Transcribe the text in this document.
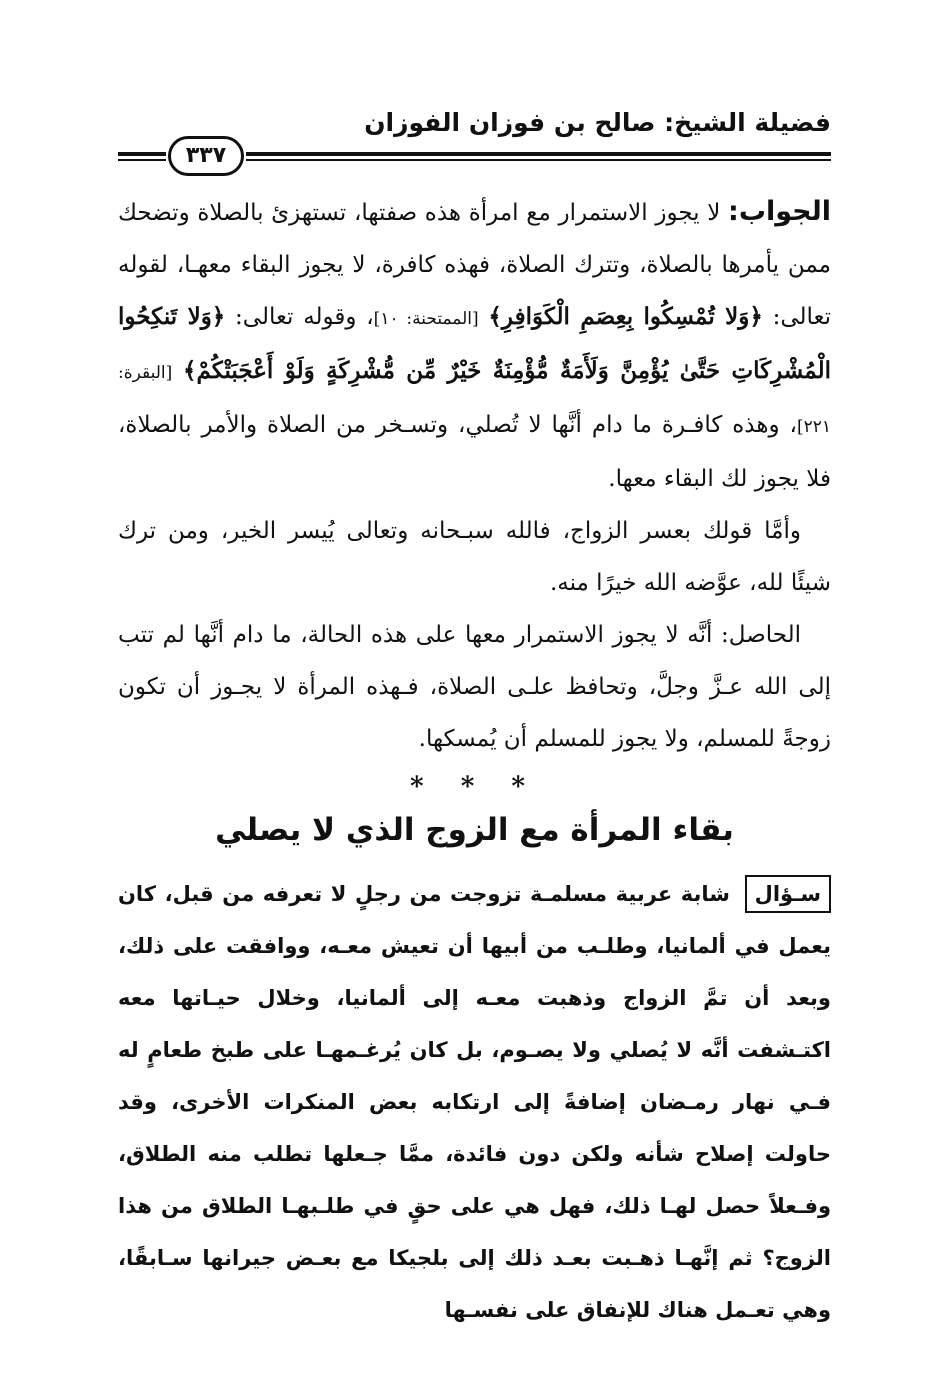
فضيلة الشيخ: صالح بن فوزان الفوزان
٣٣٧

الجواب: لا يجوز الاستمرار مع امرأة هذه صفتها، تستهزئ بالصلاة وتضحك ممن يأمرها بالصلاة، وتترك الصلاة، فهذه كافرة، لا يجوز البقاء معهـا، لقوله تعالى: ﴿وَلا تُمْسِكُوا بِعِصَمِ الْكَوَافِرِ﴾ [الممتحنة: ١٠]، وقوله تعالى: ﴿وَلا تَنكِحُوا الْمُشْرِكَاتِ حَتَّىٰ يُؤْمِنَّ وَلَأَمَةٌ مُّؤْمِنَةٌ خَيْرٌ مِّن مُّشْرِكَةٍ وَلَوْ أَعْجَبَتْكُمْ﴾ [البقرة: ٢٢١]، وهذه كافـرة ما دام أنَّها لا تُصلي، وتسـخر من الصلاة والأمر بالصلاة، فلا يجوز لك البقاء معها.

وأمَّا قولك بعسر الزواج، فالله سبـحانه وتعالى يُيسر الخير، ومن ترك شيئًا لله، عوَّضه الله خيرًا منه.

الحاصل: أنَّه لا يجوز الاستمرار معها على هذه الحالة، ما دام أنَّها لم تتب إلى الله عـزَّ وجلَّ، وتحافظ علـى الصلاة، فـهذه المرأة لا يجـوز أن تكون زوجةً للمسلم، ولا يجوز للمسلم أن يُمسكها.

* * *
بقاء المرأة مع الزوج الذي لا يصلي
سـؤال شابة عربية مسلمـة تزوجت من رجلٍ لا تعرفه من قبل، كان يعمل في ألمانيا، وطلـب من أبيها أن تعيش معـه، ووافقت على ذلك، وبعد أن تمَّ الزواج وذهبت معـه إلى ألمانيا، وخلال حيـاتها معه اكتـشفت أنَّه لا يُصلي ولا يصـوم، بل كان يُرغـمهـا على طبخ طعامٍ له فـي نهار رمـضان إضافةً إلى ارتكابه بعض المنكرات الأخرى، وقد حاولت إصلاح شأنه ولكن دون فائدة، ممَّا جـعلها تطلب منه الطلاق، وفـعلاً حصل لهـا ذلك، فهل هي على حقٍ في طلـبهـا الطلاق من هذا الزوج؟ ثم إنَّهـا ذهـبت بعـد ذلك إلى بلجيكا مع بعـض جيرانها سـابقًا، وهي تعـمل هناك للإنفاق على نفسـها
